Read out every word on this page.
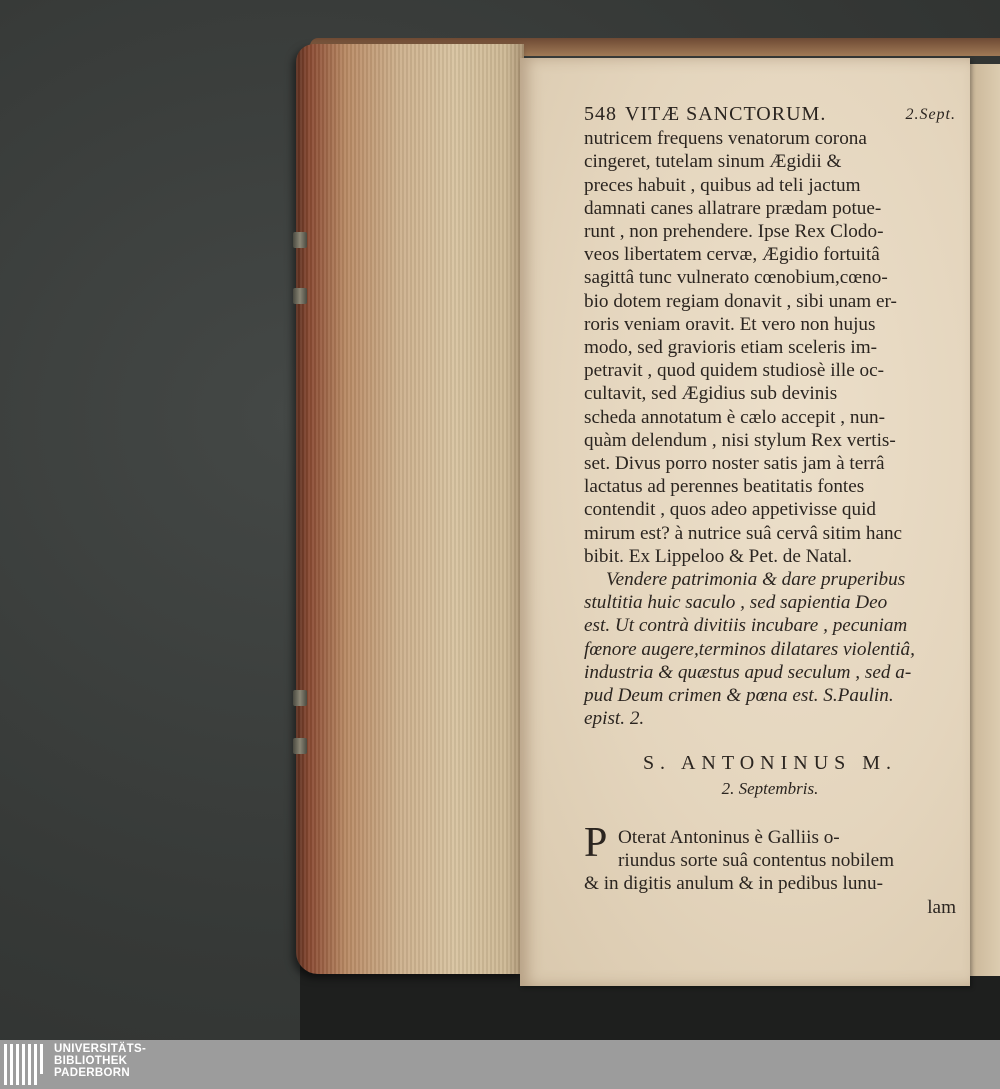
548 VITÆ SANCTORUM.	2.Sept.
nutricem frequens venatorum corona
cingeret, tutelam sinum Ægidii &
preces habuit , quibus ad teli jactum
damnati canes allatrare prædam potue-
runt , non prehendere. Ipse Rex Clodo-
veos libertatem cervæ, Ægidio fortuitâ
sagittâ tunc vulnerato cœnobium,cœno-
bio dotem regiam donavit , sibi unam er-
roris veniam oravit. Et vero non hujus
modo, sed gravioris etiam sceleris im-
petravit , quod quidem studiosè ille oc-
cultavit, sed Ægidius sub devinis
scheda annotatum è cælo accepit , nun-
quàm delendum , nisi stylum Rex vertis-
set. Divus porro noster satis jam à terrâ
lactatus ad perennes beatitatis fontes
contendit , quos adeo appetivisse quid
mirum est? à nutrice suâ cervâ sitim hanc
bibit. Ex Lippeloo & Pet. de Natal.
Vendere patrimonia & dare pruperibus
stultitia huic saculo , sed sapientia Deo
est. Ut contrà divitiis incubare , pecuniam
fœnore augere,terminos dilatares violentiâ,
industria & quæstus apud seculum , sed a-
pud Deum crimen & pœna est. S.Paulin.
epist. 2.
S. ANTONINUS M.
2. Septembris.
P Oterat Antoninus è Galliis o-
riundus sorte suâ contentus nobilem
& in digitis anulum & in pedibus lunu-
lam
UNIVERSITÄTS-
BIBLIOTHEK
PADERBORN
